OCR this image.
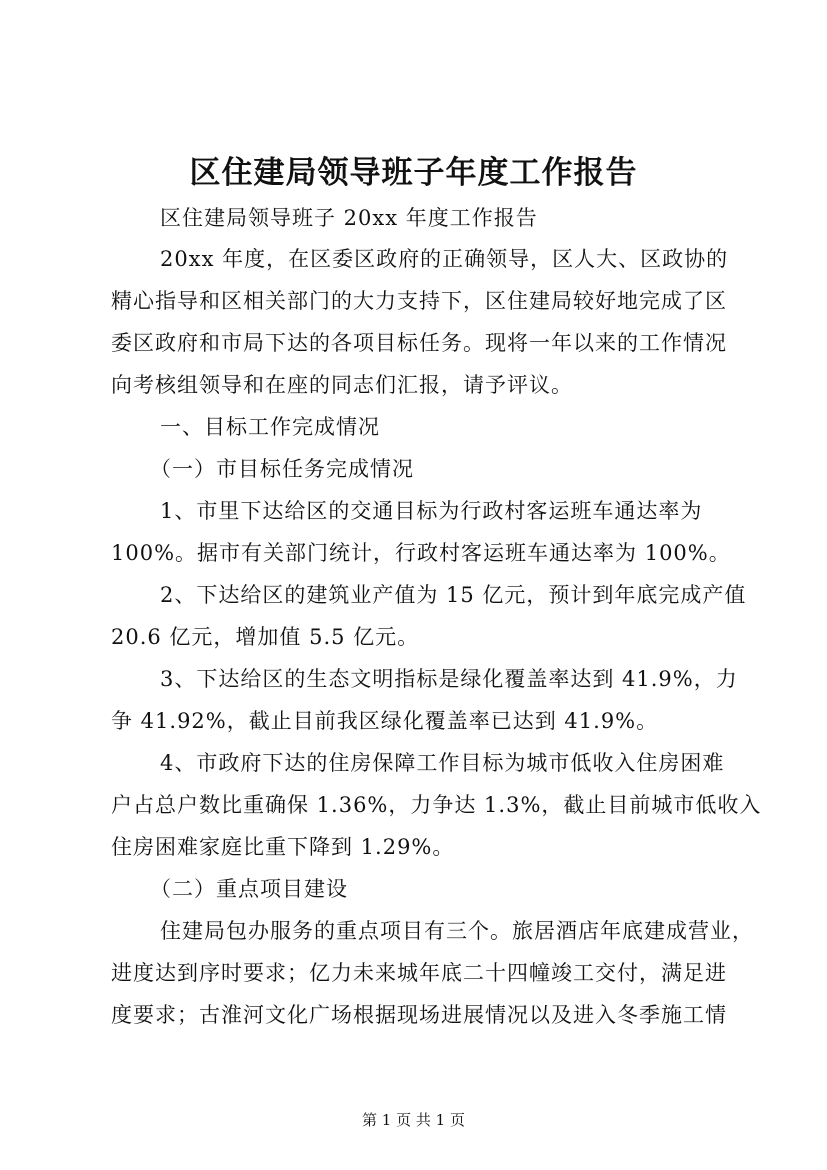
区住建局领导班子年度工作报告
区住建局领导班子 20xx 年度工作报告
20xx 年度，在区委区政府的正确领导，区人大、区政协的
精心指导和区相关部门的大力支持下，区住建局较好地完成了区
委区政府和市局下达的各项目标任务。现将一年以来的工作情况
向考核组领导和在座的同志们汇报，请予评议。
一、目标工作完成情况
（一）市目标任务完成情况
1、市里下达给区的交通目标为行政村客运班车通达率为
100%。据市有关部门统计，行政村客运班车通达率为 100%。
2、下达给区的建筑业产值为 15 亿元，预计到年底完成产值
20.6 亿元，增加值 5.5 亿元。
3、下达给区的生态文明指标是绿化覆盖率达到 41.9%，力
争 41.92%，截止目前我区绿化覆盖率已达到 41.9%。
4、市政府下达的住房保障工作目标为城市低收入住房困难
户占总户数比重确保 1.36%，力争达 1.3%，截止目前城市低收入
住房困难家庭比重下降到 1.29%。
（二）重点项目建设
住建局包办服务的重点项目有三个。旅居酒店年底建成营业，
进度达到序时要求；亿力未来城年底二十四幢竣工交付，满足进
度要求；古淮河文化广场根据现场进展情况以及进入冬季施工情
第 1 页 共 1 页
